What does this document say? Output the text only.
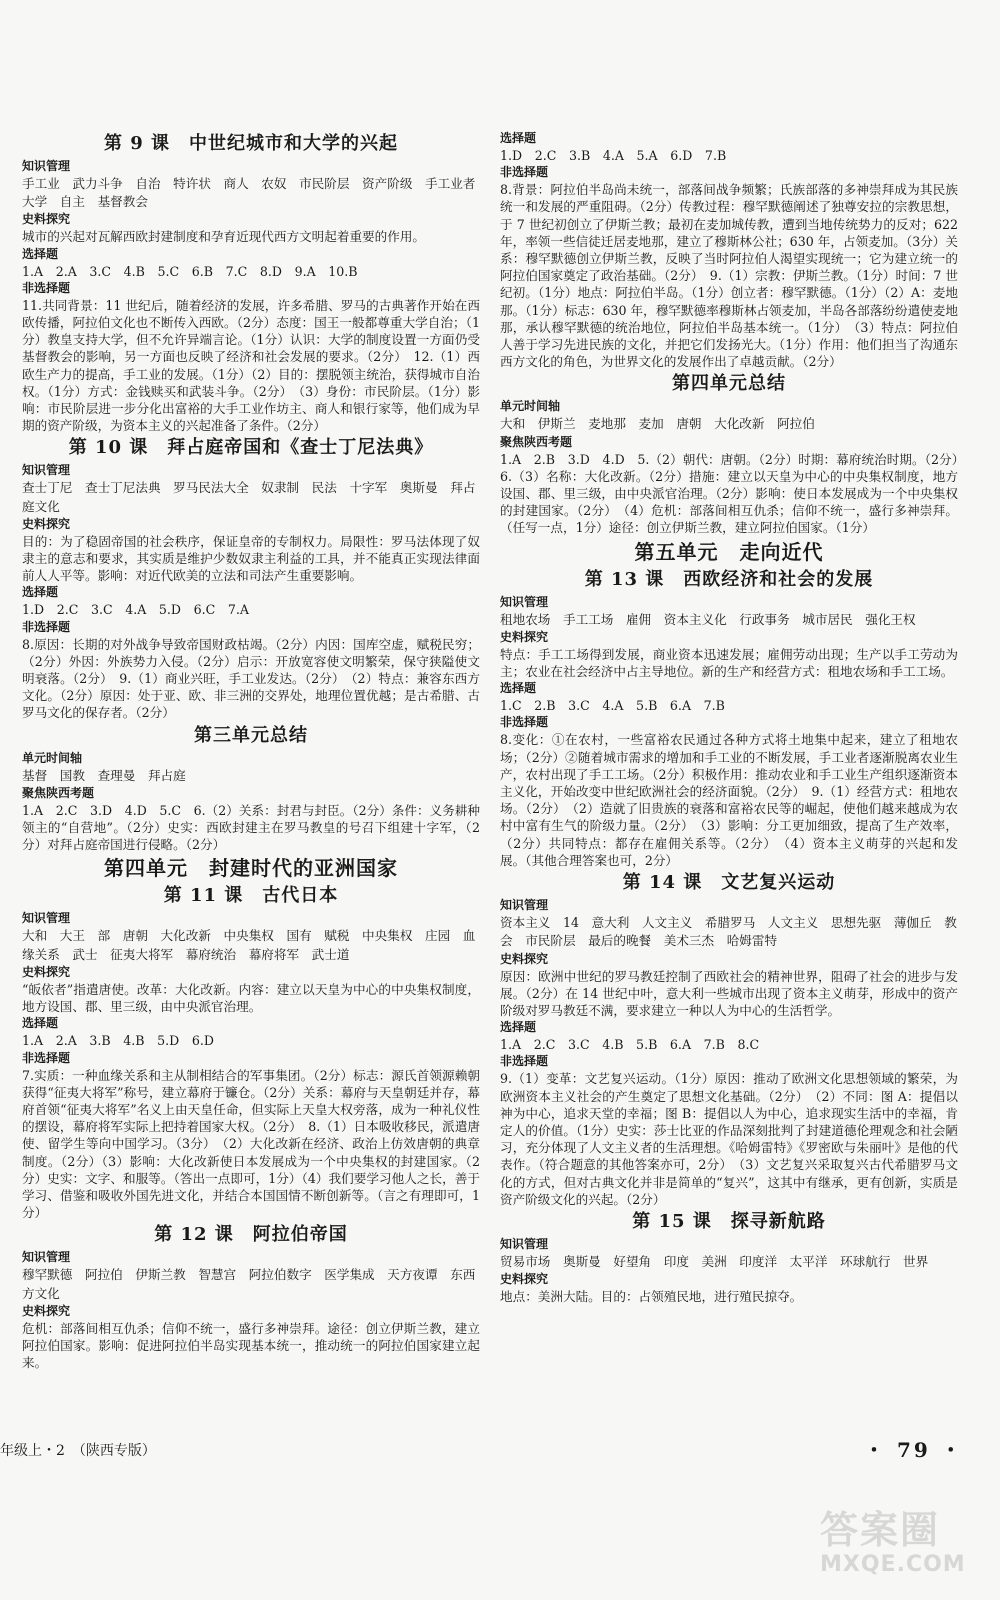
第 9 课　中世纪城市和大学的兴起
知识管理
手工业　武力斗争　自治　特许状　商人　农奴　市民阶层　资产阶级　手工业者　大学　自主　基督教会
史料探究
城市的兴起对瓦解西欧封建制度和孕育近现代西方文明起着重要的作用。
选择题
1.A　2.A　3.C　4.B　5.C　6.B　7.C　8.D　9.A　10.B
非选择题
11.共同背景：11 世纪后，随着经济的发展，许多希腊、罗马的古典著作开始在西欧传播，阿拉伯文化也不断传入西欧。（2分）态度：国王一般都尊重大学自治；（1分）教皇支持大学，但不允许异端言论。（1分）认识：大学的制度设置一方面仍受基督教会的影响，另一方面也反映了经济和社会发展的要求。（2分）　12.（1）西欧生产力的提高，手工业的发展。（1分）（2）目的：摆脱领主统治，获得城市自治权。（1分）方式：金钱赎买和武装斗争。（2分）　（3）身份：市民阶层。（1分）影响：市民阶层进一步分化出富裕的大手工业作坊主、商人和银行家等，他们成为早期的资产阶级，为资本主义的兴起准备了条件。（2分）
第 10 课　拜占庭帝国和《查士丁尼法典》
知识管理
查士丁尼　查士丁尼法典　罗马民法大全　奴隶制　民法　十字军　奥斯曼　拜占庭文化
史料探究
目的：为了稳固帝国的社会秩序，保证皇帝的专制权力。局限性：罗马法体现了奴隶主的意志和要求，其实质是维护少数奴隶主利益的工具，并不能真正实现法律面前人人平等。影响：对近代欧美的立法和司法产生重要影响。
选择题
1.D　2.C　3.C　4.A　5.D　6.C　7.A
非选择题
8.原因：长期的对外战争导致帝国财政枯竭。（2分）内因：国库空虚，赋税民穷；（2分）外因：外族势力入侵。（2分）启示：开放宽容使文明繁荣，保守狭隘使文明衰落。（2分）　9.（1）商业兴旺，手工业发达。（2分）　（2）特点：兼容东西方文化。（2分）原因：处于亚、欧、非三洲的交界处，地理位置优越；是古希腊、古罗马文化的保存者。（2分）
第三单元总结
单元时间轴
基督　国教　查理曼　拜占庭
聚焦陕西考题
1.A　2.C　3.D　4.D　5.C　6.（2）关系：封君与封臣。（2分）条件：义务耕种领主的“自营地”。（2分）史实：西欧封建主在罗马教皇的号召下组建十字军，（2分）对拜占庭帝国进行侵略。（2分）
第四单元　封建时代的亚洲国家
第 11 课　古代日本
知识管理
大和　大王　部　唐朝　大化改新　中央集权　国有　赋税　中央集权　庄园　血缘关系　武士　征夷大将军　幕府统治　幕府将军　武士道
史料探究
“皈依者”指遣唐使。改革：大化改新。内容：建立以天皇为中心的中央集权制度，地方设国、郡、里三级，由中央派官治理。
选择题
1.A　2.A　3.B　4.B　5.D　6.D
非选择题
7.实质：一种血缘关系和主从制相结合的军事集团。（2分）标志：源氏首领源赖朝获得“征夷大将军”称号，建立幕府于镰仓。（2分）关系：幕府与天皇朝廷并存，幕府首领“征夷大将军”名义上由天皇任命，但实际上天皇大权旁落，成为一种礼仪性的摆设，幕府将军实际上把持着国家大权。（2分）　8.（1）日本吸收移民，派遣唐使、留学生等向中国学习。（3分）　（2）大化改新在经济、政治上仿效唐朝的典章制度。（2分）（3）影响：大化改新使日本发展成为一个中央集权的封建国家。（2分）史实：文字、和服等。（答出一点即可，1分）（4）我们要学习他人之长，善于学习、借鉴和吸收外国先进文化，并结合本国国情不断创新等。（言之有理即可，1分）
第 12 课　阿拉伯帝国
知识管理
穆罕默德　阿拉伯　伊斯兰教　智慧宫　阿拉伯数字　医学集成　天方夜谭　东西方文化
史料探究
危机：部落间相互仇杀；信仰不统一，盛行多神崇拜。途径：创立伊斯兰教，建立阿拉伯国家。影响：促进阿拉伯半岛实现基本统一，推动统一的阿拉伯国家建立起来。
选择题
1.D　2.C　3.B　4.A　5.A　6.D　7.B
非选择题
8.背景：阿拉伯半岛尚未统一，部落间战争频繁；氏族部落的多神崇拜成为其民族统一和发展的严重阻碍。（2分）传教过程：穆罕默德阐述了独尊安拉的宗教思想，于 7 世纪初创立了伊斯兰教；最初在麦加城传教，遭到当地传统势力的反对；622 年，率领一些信徒迁居麦地那，建立了穆斯林公社；630 年，占领麦加。（3分）关系：穆罕默德创立伊斯兰教，反映了当时阿拉伯人渴望实现统一；它为建立统一的阿拉伯国家奠定了政治基础。（2分）　9.（1）宗教：伊斯兰教。（1分）时间：7 世纪初。（1分）地点：阿拉伯半岛。（1分）创立者：穆罕默德。（1分）（2）A：麦地那。（1分）标志：630 年，穆罕默德率穆斯林占领麦加，半岛各部落纷纷遣使麦地那，承认穆罕默德的统治地位，阿拉伯半岛基本统一。（1分）　（3）特点：阿拉伯人善于学习先进民族的文化，并把它们发扬光大。（1分）作用：他们担当了沟通东西方文化的角色，为世界文化的发展作出了卓越贡献。（2分）
第四单元总结
单元时间轴
大和　伊斯兰　麦地那　麦加　唐朝　大化改新　阿拉伯
聚焦陕西考题
1.A　2.B　3.D　4.D　5.（2）朝代：唐朝。（2分）时期：幕府统治时期。（2分）　6.（3）名称：大化改新。（2分）措施：建立以天皇为中心的中央集权制度，地方设国、郡、里三级，由中央派官治理。（2分）影响：使日本发展成为一个中央集权的封建国家。（2分）　（4）危机：部落间相互仇杀；信仰不统一，盛行多神崇拜。（任写一点，1分）途径：创立伊斯兰教，建立阿拉伯国家。（1分）
第五单元　走向近代
第 13 课　西欧经济和社会的发展
知识管理
租地农场　手工工场　雇佣　资本主义化　行政事务　城市居民　强化王权
史料探究
特点：手工工场得到发展，商业资本迅速发展；雇佣劳动出现；生产以手工劳动为主；农业在社会经济中占主导地位。新的生产和经营方式：租地农场和手工工场。
选择题
1.C　2.B　3.C　4.A　5.B　6.A　7.B
非选择题
8.变化：①在农村，一些富裕农民通过各种方式将土地集中起来，建立了租地农场；（2分）②随着城市需求的增加和手工业的不断发展，手工业者逐渐脱离农业生产，农村出现了手工工场。（2分）积极作用：推动农业和手工业生产组织逐渐资本主义化，开始改变中世纪欧洲社会的经济面貌。（2分）　9.（1）经营方式：租地农场。（2分）　（2）造就了旧贵族的衰落和富裕农民等的崛起，使他们越来越成为农村中富有生气的阶级力量。（2分）　（3）影响：分工更加细致，提高了生产效率，（2分）共同特点：都存在雇佣关系等。（2分）　（4）资本主义萌芽的兴起和发展。（其他合理答案也可，2分）
第 14 课　文艺复兴运动
知识管理
资本主义　14　意大利　人文主义　希腊罗马　人文主义　思想先驱　薄伽丘　教会　市民阶层　最后的晚餐　美术三杰　哈姆雷特
史料探究
原因：欧洲中世纪的罗马教廷控制了西欧社会的精神世界，阻碍了社会的进步与发展。（2分）在 14 世纪中叶，意大利一些城市出现了资本主义萌芽，形成中的资产阶级对罗马教廷不满，要求建立一种以人为中心的生活哲学。
选择题
1.A　2.C　3.C　4.B　5.B　6.A　7.B　8.C
非选择题
9.（1）变革：文艺复兴运动。（1分）原因：推动了欧洲文化思想领域的繁荣，为欧洲资本主义社会的产生奠定了思想文化基础。（2分）　（2）不同：图 A：提倡以神为中心，追求天堂的幸福；图 B：提倡以人为中心，追求现实生活中的幸福，肯定人的价值。（1分）史实：莎士比亚的作品深刻批判了封建道德伦理观念和社会陋习，充分体现了人文主义者的生活理想。《哈姆雷特》《罗密欧与朱丽叶》是他的代表作。（符合题意的其他答案亦可，2分）　（3）文艺复兴采取复兴古代希腊罗马文化的方式，但对古典文化并非是简单的“复兴”，这其中有继承，更有创新，实质是资产阶级文化的兴起。（2分）
第 15 课　探寻新航路
知识管理
贸易市场　奥斯曼　好望角　印度　美洲　印度洋　太平洋　环球航行　世界
史料探究
地点：美洲大陆。目的：占领殖民地，进行殖民掠夺。
年级上・2　（陕西专版）	・ 79 ・
答案圈
MXQE.COM
